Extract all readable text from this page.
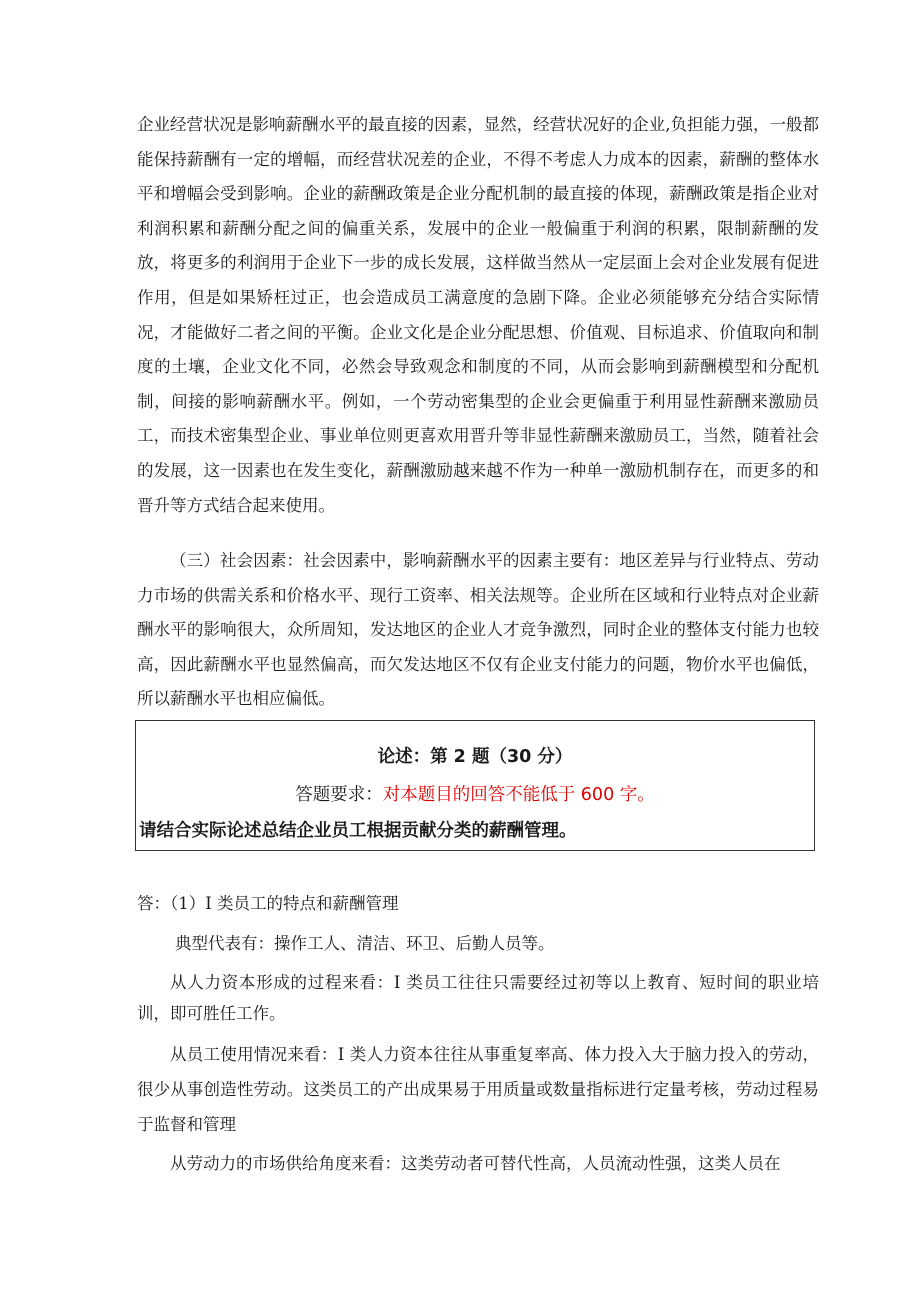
企业经营状况是影响薪酬水平的最直接的因素，显然，经营状况好的企业,负担能力强，一般都能保持薪酬有一定的增幅，而经营状况差的企业，不得不考虑人力成本的因素，薪酬的整体水平和增幅会受到影响。企业的薪酬政策是企业分配机制的最直接的体现，薪酬政策是指企业对利润积累和薪酬分配之间的偏重关系，发展中的企业一般偏重于利润的积累，限制薪酬的发放，将更多的利润用于企业下一步的成长发展，这样做当然从一定层面上会对企业发展有促进作用，但是如果矫枉过正，也会造成员工满意度的急剧下降。企业必须能够充分结合实际情况，才能做好二者之间的平衡。企业文化是企业分配思想、价值观、目标追求、价值取向和制度的土壤，企业文化不同，必然会导致观念和制度的不同，从而会影响到薪酬模型和分配机制，间接的影响薪酬水平。例如，一个劳动密集型的企业会更偏重于利用显性薪酬来激励员工，而技术密集型企业、事业单位则更喜欢用晋升等非显性薪酬来激励员工，当然，随着社会的发展，这一因素也在发生变化，薪酬激励越来越不作为一种单一激励机制存在，而更多的和晋升等方式结合起来使用。

（三）社会因素：社会因素中，影响薪酬水平的因素主要有：地区差异与行业特点、劳动力市场的供需关系和价格水平、现行工资率、相关法规等。企业所在区域和行业特点对企业薪酬水平的影响很大，众所周知，发达地区的企业人才竞争激烈，同时企业的整体支付能力也较高，因此薪酬水平也显然偏高，而欠发达地区不仅有企业支付能力的问题，物价水平也偏低，所以薪酬水平也相应偏低。

论述：第 2 题（30 分）
答题要求：对本题目的回答不能低于 600 字。
请结合实际论述总结企业员工根据贡献分类的薪酬管理。
答：（1）I 类员工的特点和薪酬管理
典型代表有：操作工人、清洁、环卫、后勤人员等。

从人力资本形成的过程来看：I 类员工往往只需要经过初等以上教育、短时间的职业培训，即可胜任工作。

从员工使用情况来看：I 类人力资本往往从事重复率高、体力投入大于脑力投入的劳动，很少从事创造性劳动。这类员工的产出成果易于用质量或数量指标进行定量考核，劳动过程易于监督和管理

从劳动力的市场供给角度来看：这类劳动者可替代性高，人员流动性强，这类人员在
